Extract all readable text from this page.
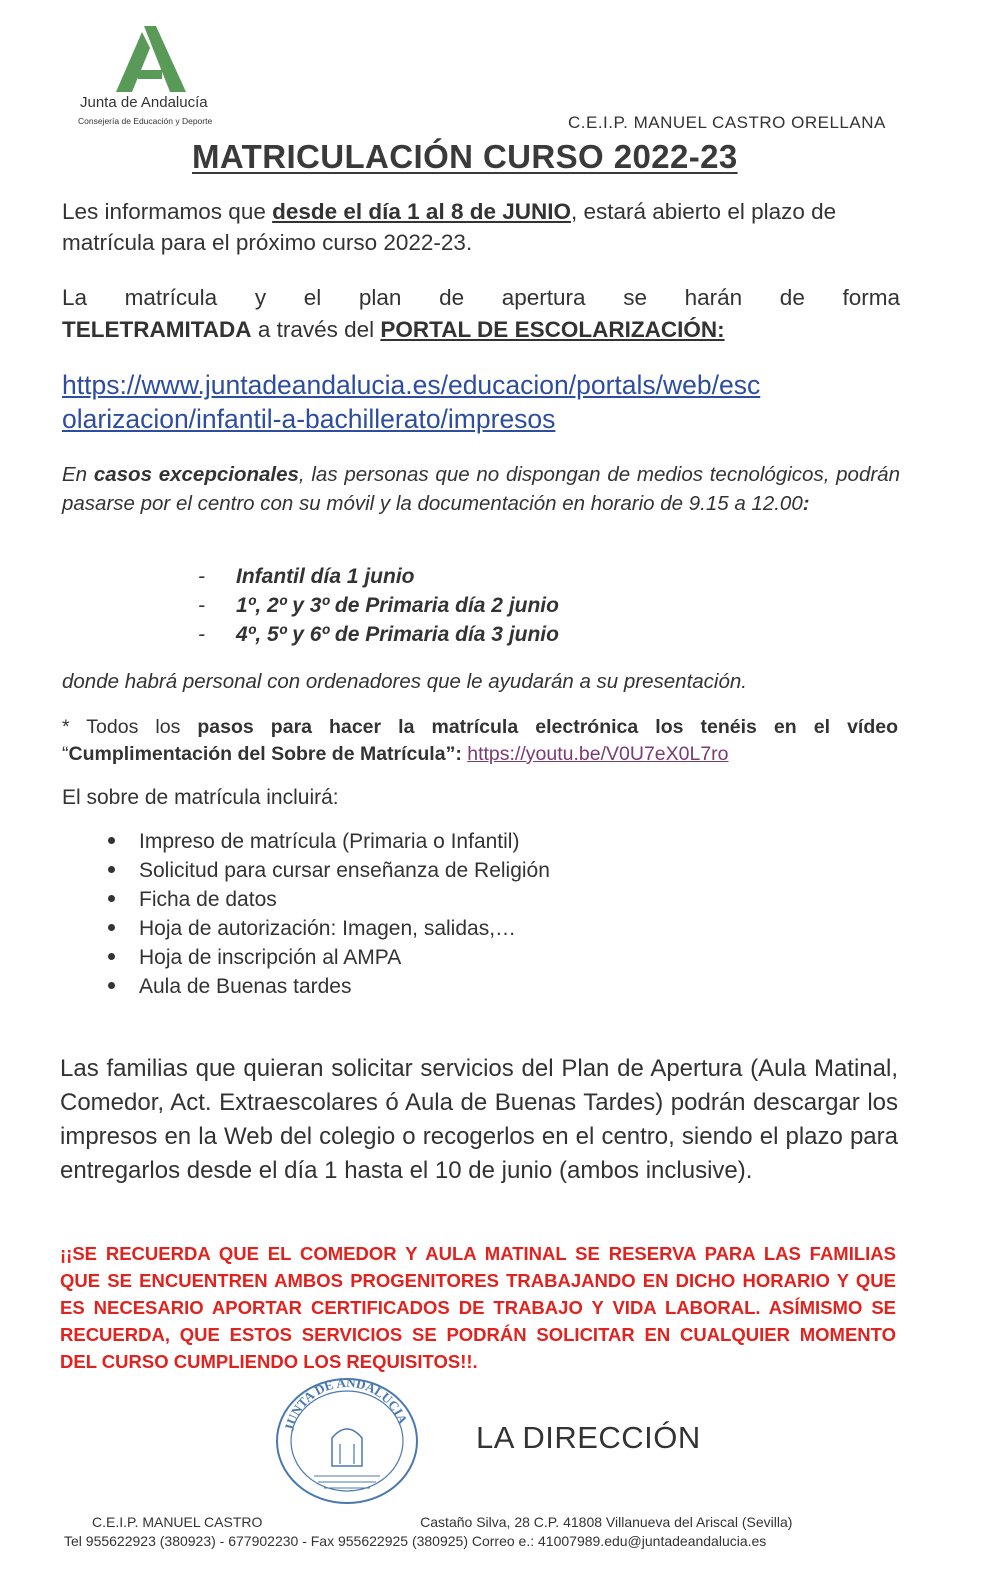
Junta de Andalucía
Consejería de Educación y Deporte	C.E.I.P. MANUEL CASTRO ORELLANA
MATRICULACIÓN CURSO 2022-23
Les informamos que desde el día 1 al 8 de JUNIO, estará abierto el plazo de matrícula para el próximo curso 2022-23.
La matrícula y el plan de apertura se harán de forma
TELETRAMITADA a través del PORTAL DE ESCOLARIZACIÓN:
https://www.juntadeandalucia.es/educacion/portals/web/esc
olarizacion/infantil-a-bachillerato/impresos
En casos excepcionales, las personas que no dispongan de medios tecnológicos, podrán pasarse por el centro con su móvil y la documentación en horario de 9.15 a 12.00:
- Infantil día 1 junio
- 1º, 2º y 3º de Primaria día 2 junio
- 4º, 5º y 6º de Primaria día 3 junio
donde habrá personal con ordenadores que le ayudarán a su presentación.
* Todos los pasos para hacer la matrícula electrónica los tenéis en el vídeo “Cumplimentación del Sobre de Matrícula”: https://youtu.be/V0U7eX0L7ro
El sobre de matrícula incluirá:
Impreso de matrícula (Primaria o Infantil)
Solicitud para cursar enseñanza de Religión
Ficha de datos
Hoja de autorización: Imagen, salidas,…
Hoja de inscripción al AMPA
Aula de Buenas tardes
Las familias que quieran solicitar servicios del Plan de Apertura (Aula Matinal, Comedor, Act. Extraescolares ó Aula de Buenas Tardes) podrán descargar los impresos en la Web del colegio o recogerlos en el centro, siendo el plazo para entregarlos desde el día 1 hasta el 10 de junio (ambos inclusive).
¡¡SE RECUERDA QUE EL COMEDOR Y AULA MATINAL SE RESERVA PARA LAS FAMILIAS QUE SE ENCUENTREN AMBOS PROGENITORES TRABAJANDO EN DICHO HORARIO Y QUE ES NECESARIO APORTAR CERTIFICADOS DE TRABAJO Y VIDA LABORAL. ASÍMISMO SE RECUERDA, QUE ESTOS SERVICIOS SE PODRÁN SOLICITAR EN CUALQUIER MOMENTO DEL CURSO CUMPLIENDO LOS REQUISITOS!!.
JUNTA DE ANDALUCIA
LA DIRECCIÓN
C.E.I.P. MANUEL CASTRO	Castaño Silva, 28 C.P. 41808 Villanueva del Ariscal (Sevilla)
Tel 955622923 (380923) - 677902230 - Fax 955622925 (380925) Correo e.: 41007989.edu@juntadeandalucia.es
